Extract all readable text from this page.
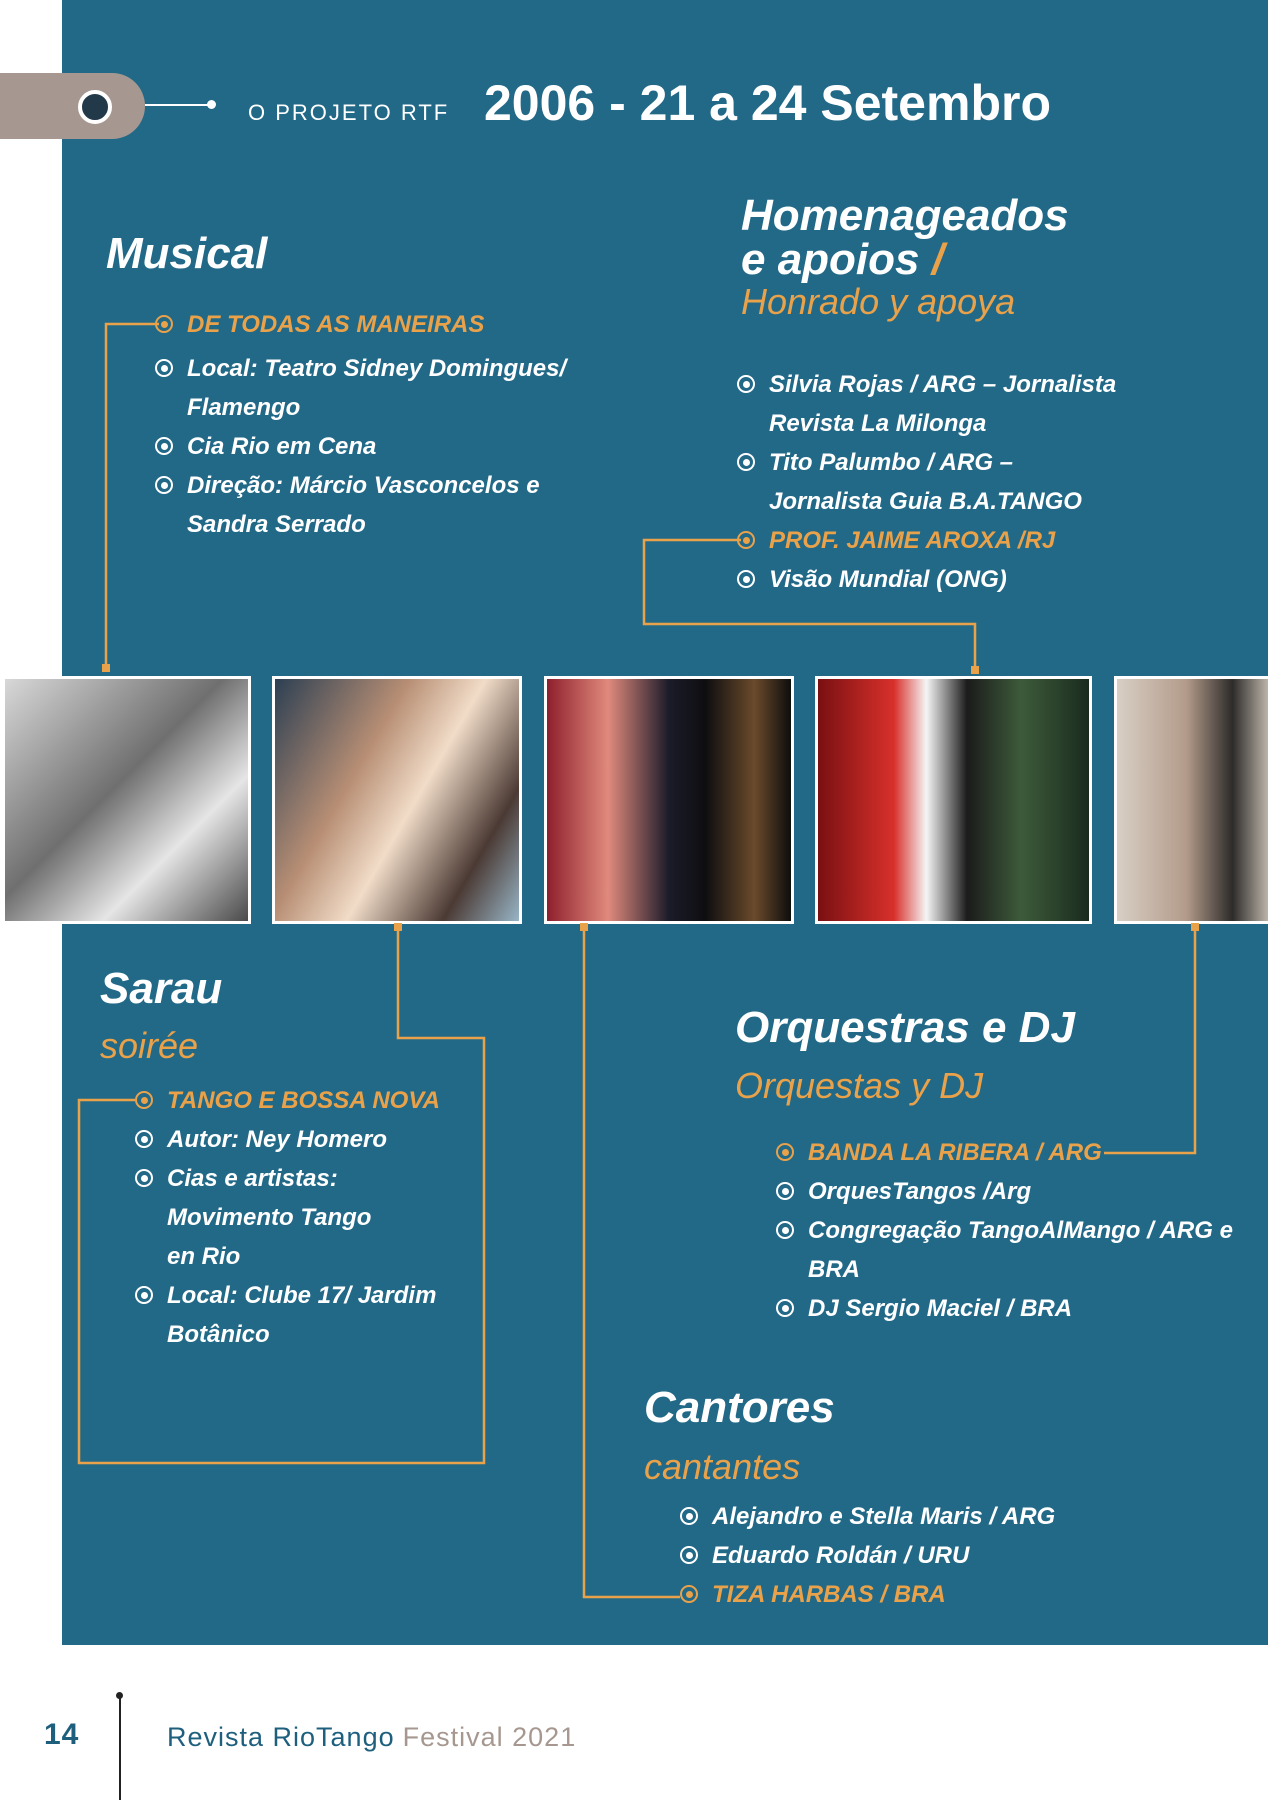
O PROJETO RTF 2006 - 21 a 24 Setembro
Musical
DE TODAS AS MANEIRAS
Local: Teatro Sidney Domingues/
Flamengo
Cia Rio em Cena
Direção: Márcio Vasconcelos e
Sandra Serrado
Homenageados
e apoios /
Honrado y apoya
Silvia Rojas / ARG – Jornalista
Revista La Milonga
Tito Palumbo / ARG –
Jornalista Guia B.A.TANGO
PROF. JAIME AROXA /RJ
Visão Mundial (ONG)
Sarau
soirée
TANGO E BOSSA NOVA
Autor: Ney Homero
Cias e artistas:
Movimento Tango
en Rio
Local: Clube 17/ Jardim
Botânico
Orquestras e DJ
Orquestas y DJ
BANDA LA RIBERA / ARG
OrquesTangos /Arg
Congregação TangoAlMango / ARG e
BRA
DJ Sergio Maciel / BRA
Cantores
cantantes
Alejandro e Stella Maris / ARG
Eduardo Roldán / URU
TIZA HARBAS / BRA
14	Revista RioTango Festival 2021
